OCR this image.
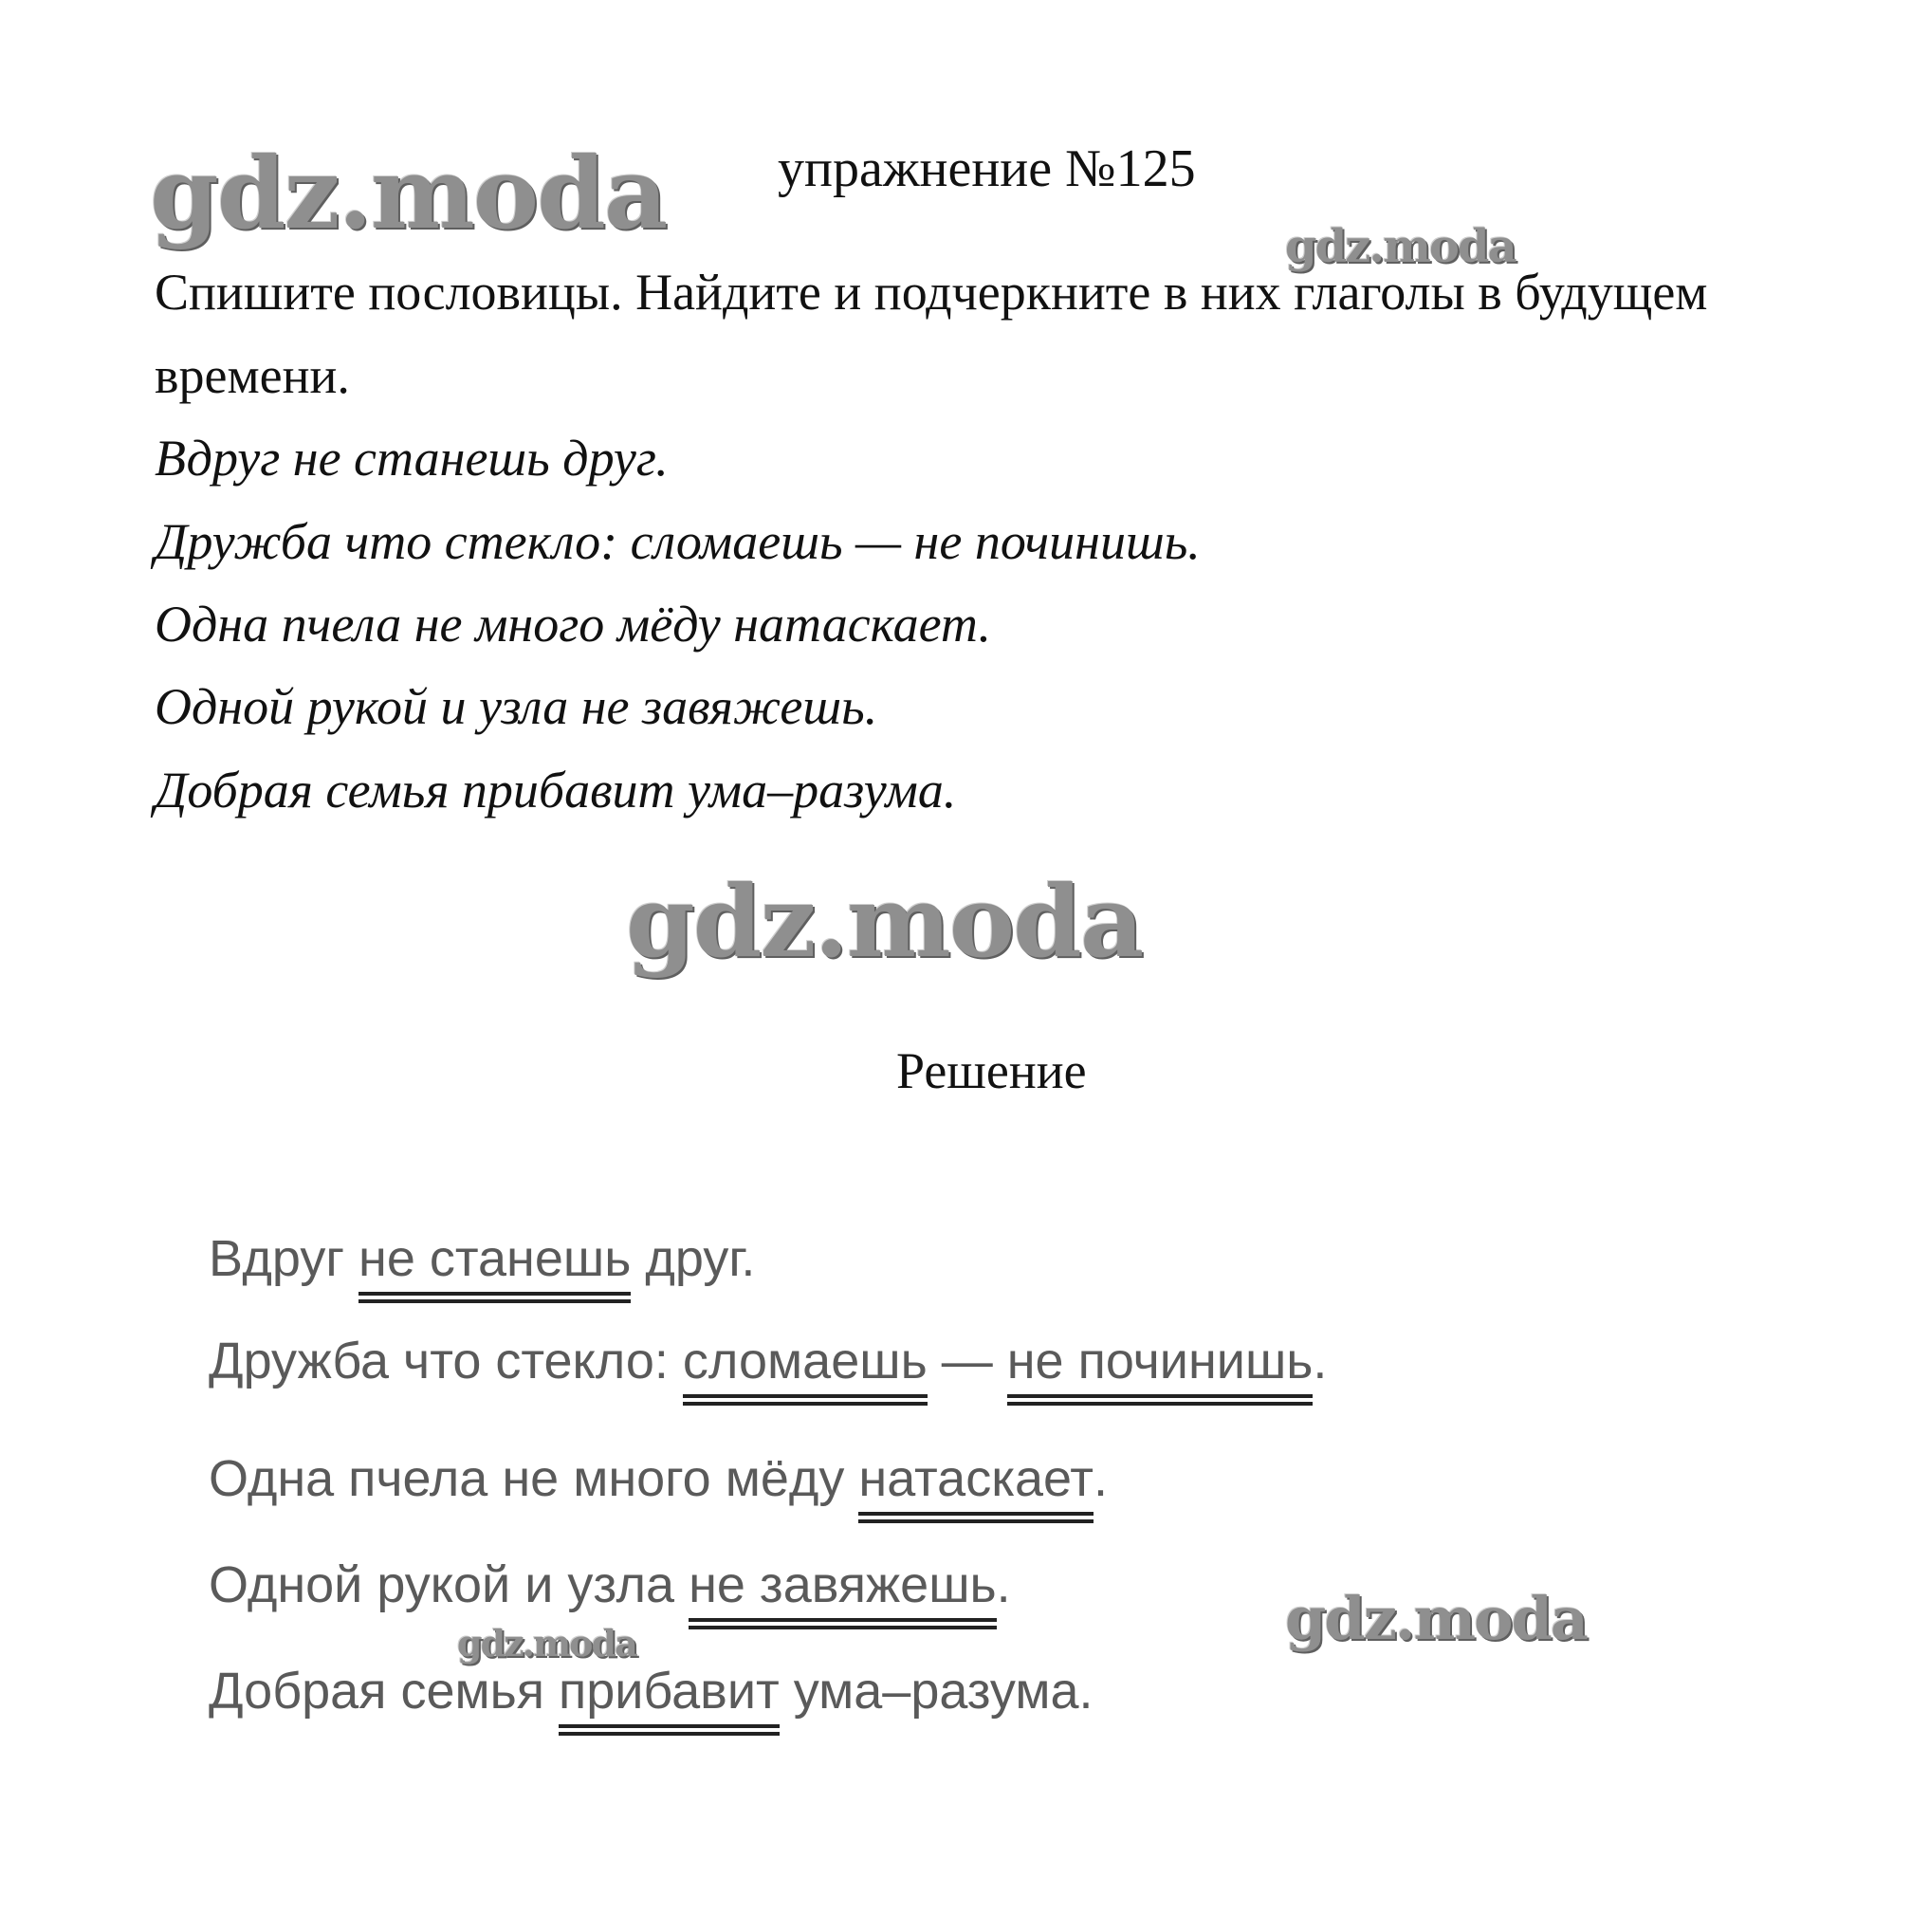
gdz.moda	gdz.moda
gdz.moda
gdz.moda
gdz.moda
упражнение №125
Спишите пословицы. Найдите и подчеркните в них глаголы в будущем времени.
Вдруг не станешь друг.
Дружба что стекло: сломаешь — не починишь.
Одна пчела не много мёду натаскает.
Одной рукой и узла не завяжешь.
Добрая семья прибавит ума–разума.
Решение
Вдруг не станешь друг.
Дружба что стекло: сломаешь — не починишь.
Одна пчела не много мёду натаскает.
Одной рукой и узла не завяжешь.
Добрая семья прибавит ума–разума.
